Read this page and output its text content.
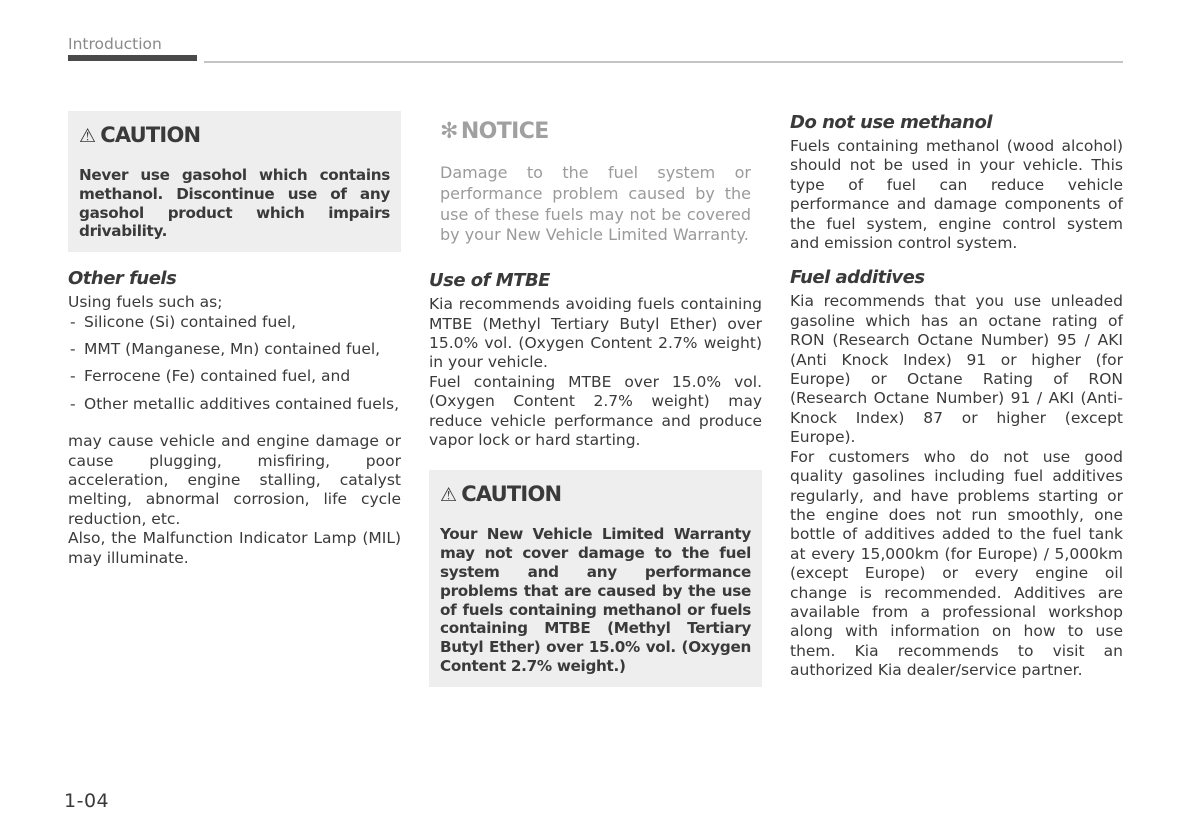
Introduction
⚠ CAUTION

Never use gasohol which contains methanol. Discontinue use of any gasohol product which impairs drivability.

Other fuels

Using fuels such as;

- Silicone (Si) contained fuel,
- MMT (Manganese, Mn) contained fuel,
- Ferrocene (Fe) contained fuel, and
- Other metallic additives contained fuels,

may cause vehicle and engine damage or cause plugging, misfiring, poor acceleration, engine stalling, catalyst melting, abnormal corrosion, life cycle reduction, etc.

Also, the Malfunction Indicator Lamp (MIL) may illuminate.

✻ NOTICE

Damage to the fuel system or performance problem caused by the use of these fuels may not be covered by your New Vehicle Limited Warranty.

Use of MTBE

Kia recommends avoiding fuels containing MTBE (Methyl Tertiary Butyl Ether) over 15.0% vol. (Oxygen Content 2.7% weight) in your vehicle.

Fuel containing MTBE over 15.0% vol. (Oxygen Content 2.7% weight) may reduce vehicle performance and produce vapor lock or hard starting.

⚠ CAUTION

Your New Vehicle Limited Warranty may not cover damage to the fuel system and any performance problems that are caused by the use of fuels containing methanol or fuels containing MTBE (Methyl Tertiary Butyl Ether) over 15.0% vol. (Oxygen Content 2.7% weight.)

Do not use methanol

Fuels containing methanol (wood alcohol) should not be used in your vehicle. This type of fuel can reduce vehicle performance and damage components of the fuel system, engine control system and emission control system.

Fuel additives

Kia recommends that you use unleaded gasoline which has an octane rating of RON (Research Octane Number) 95 / AKI (Anti Knock Index) 91 or higher (for Europe) or Octane Rating of RON (Research Octane Number) 91 / AKI (Anti-Knock Index) 87 or higher (except Europe).

For customers who do not use good quality gasolines including fuel additives regularly, and have problems starting or the engine does not run smoothly, one bottle of additives added to the fuel tank at every 15,000km (for Europe) / 5,000km (except Europe) or every engine oil change is recommended. Additives are available from a professional workshop along with information on how to use them. Kia recommends to visit an authorized Kia dealer/service partner.

1-04
